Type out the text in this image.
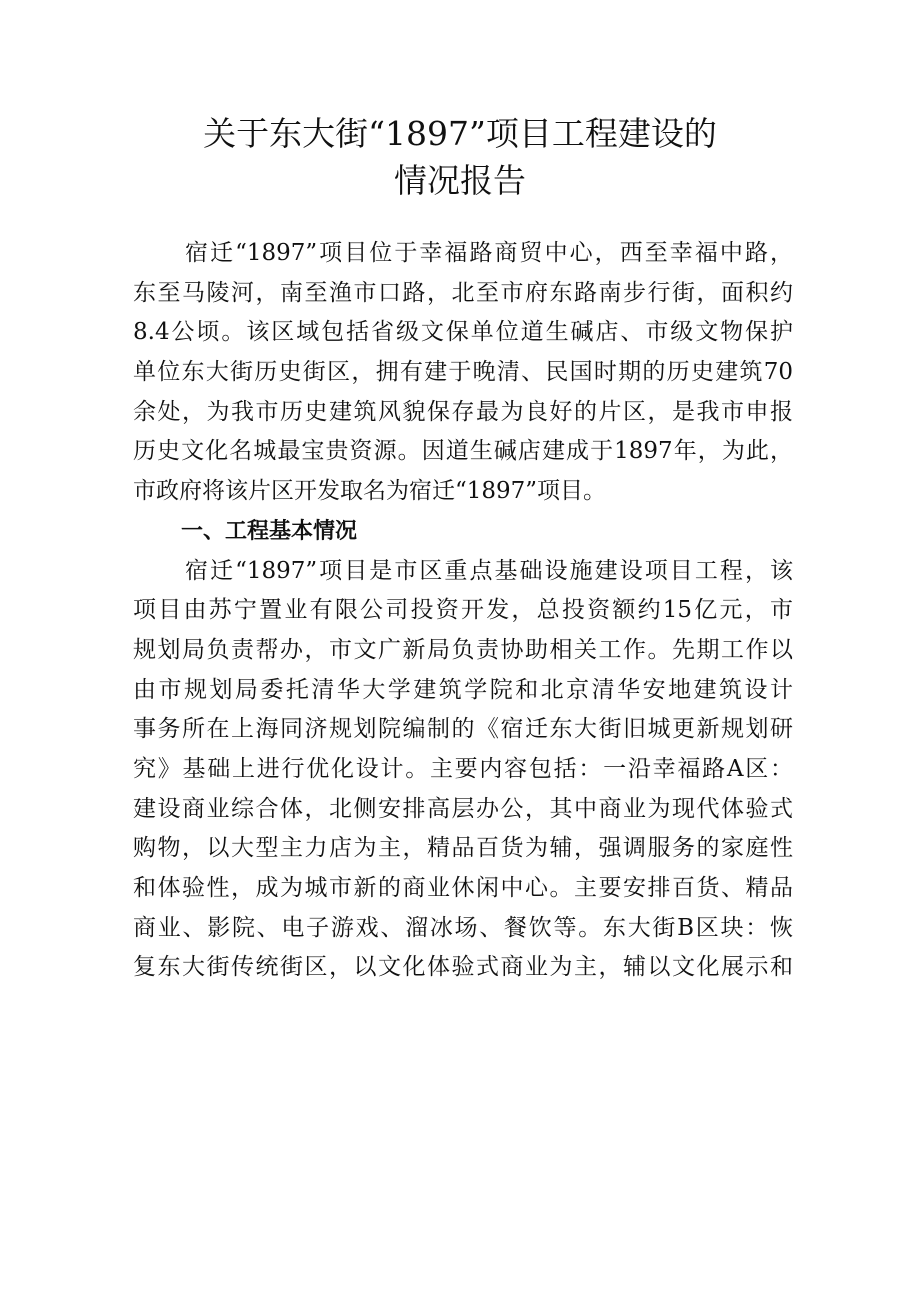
关于东大街“1897”项目工程建设的
情况报告
宿迁“1897”项目位于幸福路商贸中心，西至幸福中路，
东至马陵河，南至渔市口路，北至市府东路南步行街，面积约
8.4公顷。该区域包括省级文保单位道生碱店、市级文物保护
单位东大街历史街区，拥有建于晚清、民国时期的历史建筑70
余处，为我市历史建筑风貌保存最为良好的片区，是我市申报
历史文化名城最宝贵资源。因道生碱店建成于1897年，为此，
市政府将该片区开发取名为宿迁“1897”项目。
一、工程基本情况
宿迁“1897”项目是市区重点基础设施建设项目工程，该
项目由苏宁置业有限公司投资开发，总投资额约15亿元，市
规划局负责帮办，市文广新局负责协助相关工作。先期工作以
由市规划局委托清华大学建筑学院和北京清华安地建筑设计
事务所在上海同济规划院编制的《宿迁东大街旧城更新规划研
究》基础上进行优化设计。主要内容包括：一沿幸福路A区：
建设商业综合体，北侧安排高层办公，其中商业为现代体验式
购物，以大型主力店为主，精品百货为辅，强调服务的家庭性
和体验性，成为城市新的商业休闲中心。主要安排百货、精品
商业、影院、电子游戏、溜冰场、餐饮等。东大街B区块：恢
复东大街传统街区，以文化体验式商业为主，辅以文化展示和
